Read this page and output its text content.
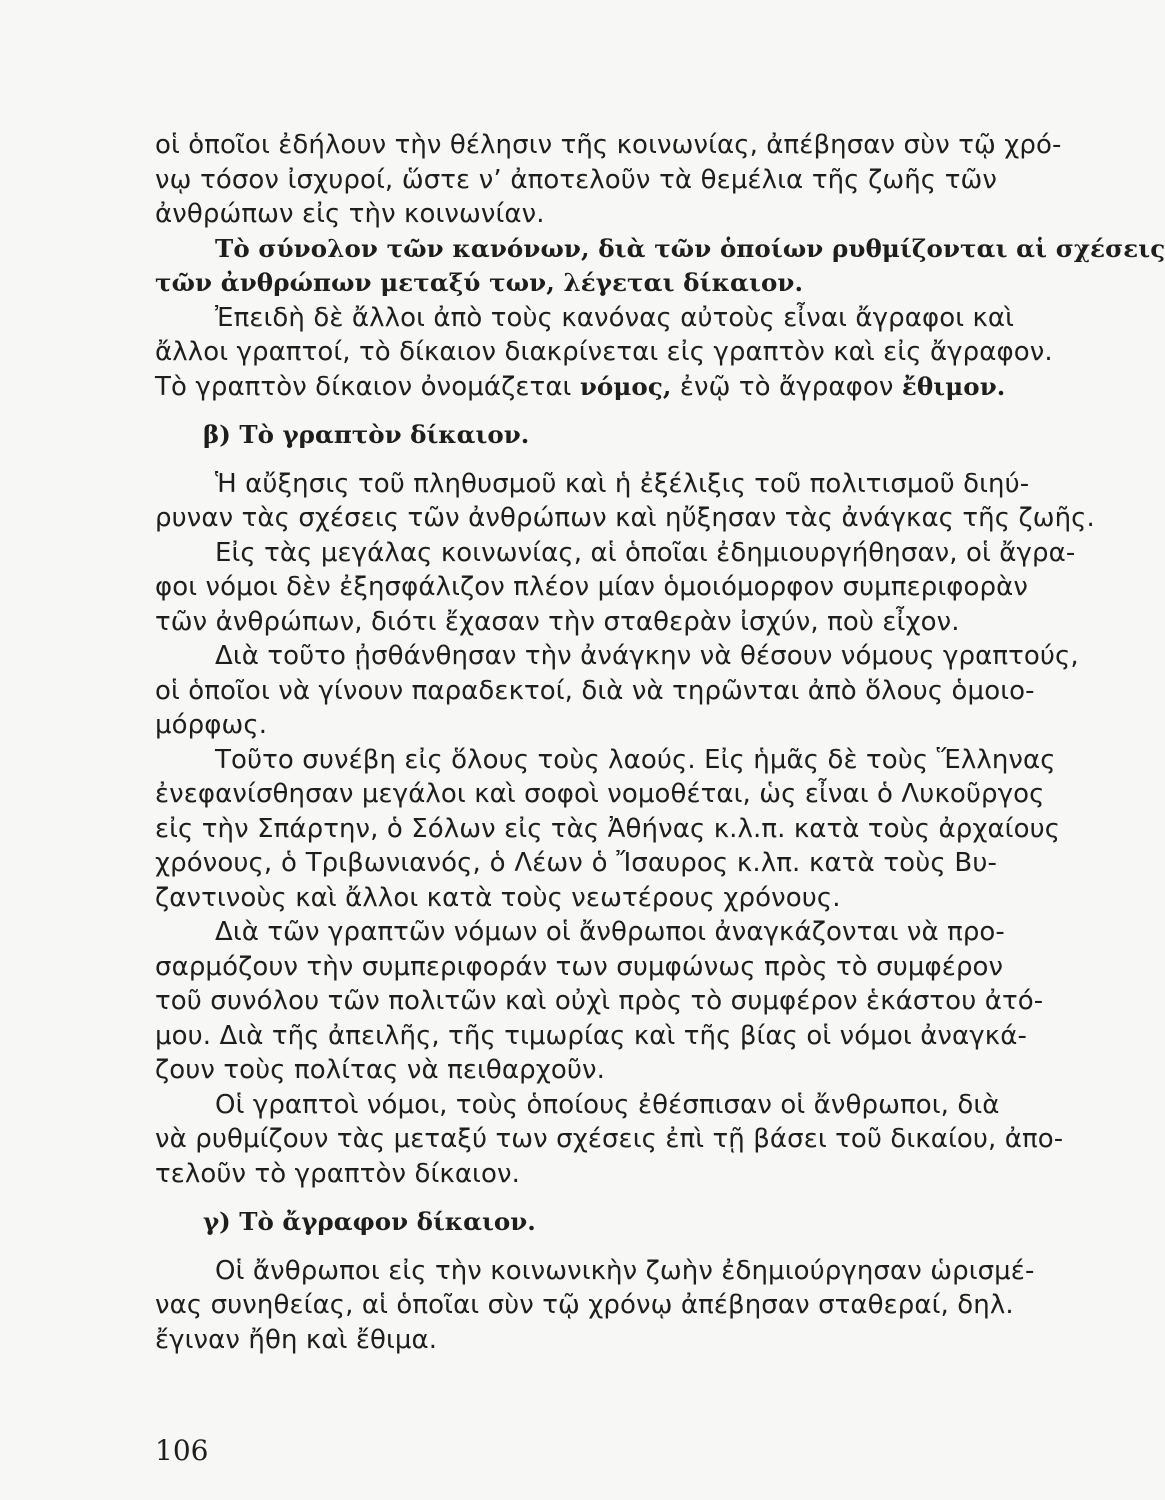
οἱ ὁποῖοι ἐδήλουν τὴν θέλησιν τῆς κοινωνίας, ἀπέβησαν σὺν τῷ χρό-
νῳ τόσον ἰσχυροί, ὥστε ν’ ἀποτελοῦν τὰ θεμέλια τῆς ζωῆς τῶν
ἀνθρώπων εἰς τὴν κοινωνίαν.
Τὸ σύνολον τῶν κανόνων, διὰ τῶν ὁποίων ρυθμίζονται αἱ σχέσεις
τῶν ἀνθρώπων μεταξύ των, λέγεται δίκαιον.
Ἐπειδὴ δὲ ἄλλοι ἀπὸ τοὺς κανόνας αὐτοὺς εἶναι ἄγραφοι καὶ
ἄλλοι γραπτοί, τὸ δίκαιον διακρίνεται εἰς γραπτὸν καὶ εἰς ἄγραφον.
Τὸ γραπτὸν δίκαιον ὀνομάζεται νόμος, ἐνῷ τὸ ἄγραφον ἔθιμον.
β) Τὸ γραπτὸν δίκαιον.
Ἡ αὔξησις τοῦ πληθυσμοῦ καὶ ἡ ἐξέλιξις τοῦ πολιτισμοῦ διηύ-
ρυναν τὰς σχέσεις τῶν ἀνθρώπων καὶ ηὔξησαν τὰς ἀνάγκας τῆς ζωῆς.
Εἰς τὰς μεγάλας κοινωνίας, αἱ ὁποῖαι ἐδημιουργήθησαν, οἱ ἄγρα-
φοι νόμοι δὲν ἐξησφάλιζον πλέον μίαν ὁμοιόμορφον συμπεριφορὰν
τῶν ἀνθρώπων, διότι ἔχασαν τὴν σταθερὰν ἰσχύν, ποὺ εἶχον.
Διὰ τοῦτο ᾐσθάνθησαν τὴν ἀνάγκην νὰ θέσουν νόμους γραπτούς,
οἱ ὁποῖοι νὰ γίνουν παραδεκτοί, διὰ νὰ τηρῶνται ἀπὸ ὅλους ὁμοιο-
μόρφως.
Τοῦτο συνέβη εἰς ὅλους τοὺς λαούς. Εἰς ἡμᾶς δὲ τοὺς Ἕλληνας
ἐνεφανίσθησαν μεγάλοι καὶ σοφοὶ νομοθέται, ὡς εἶναι ὁ Λυκοῦργος
εἰς τὴν Σπάρτην, ὁ Σόλων εἰς τὰς Ἀθήνας κ.λ.π. κατὰ τοὺς ἀρχαίους
χρόνους, ὁ Τριβωνιανός, ὁ Λέων ὁ Ἴσαυρος κ.λπ. κατὰ τοὺς Βυ-
ζαντινοὺς καὶ ἄλλοι κατὰ τοὺς νεωτέρους χρόνους.
Διὰ τῶν γραπτῶν νόμων οἱ ἄνθρωποι ἀναγκάζονται νὰ προ-
σαρμόζουν τὴν συμπεριφοράν των συμφώνως πρὸς τὸ συμφέρον
τοῦ συνόλου τῶν πολιτῶν καὶ οὐχὶ πρὸς τὸ συμφέρον ἑκάστου ἀτό-
μου. Διὰ τῆς ἀπειλῆς, τῆς τιμωρίας καὶ τῆς βίας οἱ νόμοι ἀναγκά-
ζουν τοὺς πολίτας νὰ πειθαρχοῦν.
Οἱ γραπτοὶ νόμοι, τοὺς ὁποίους ἐθέσπισαν οἱ ἄνθρωποι, διὰ
νὰ ρυθμίζουν τὰς μεταξύ των σχέσεις ἐπὶ τῇ βάσει τοῦ δικαίου, ἀπο-
τελοῦν τὸ γραπτὸν δίκαιον.
γ) Τὸ ἄγραφον δίκαιον.
Οἱ ἄνθρωποι εἰς τὴν κοινωνικὴν ζωὴν ἐδημιούργησαν ὡρισμέ-
νας συνηθείας, αἱ ὁποῖαι σὺν τῷ χρόνῳ ἀπέβησαν σταθεραί, δηλ.
ἔγιναν ἤθη καὶ ἔθιμα.
106
